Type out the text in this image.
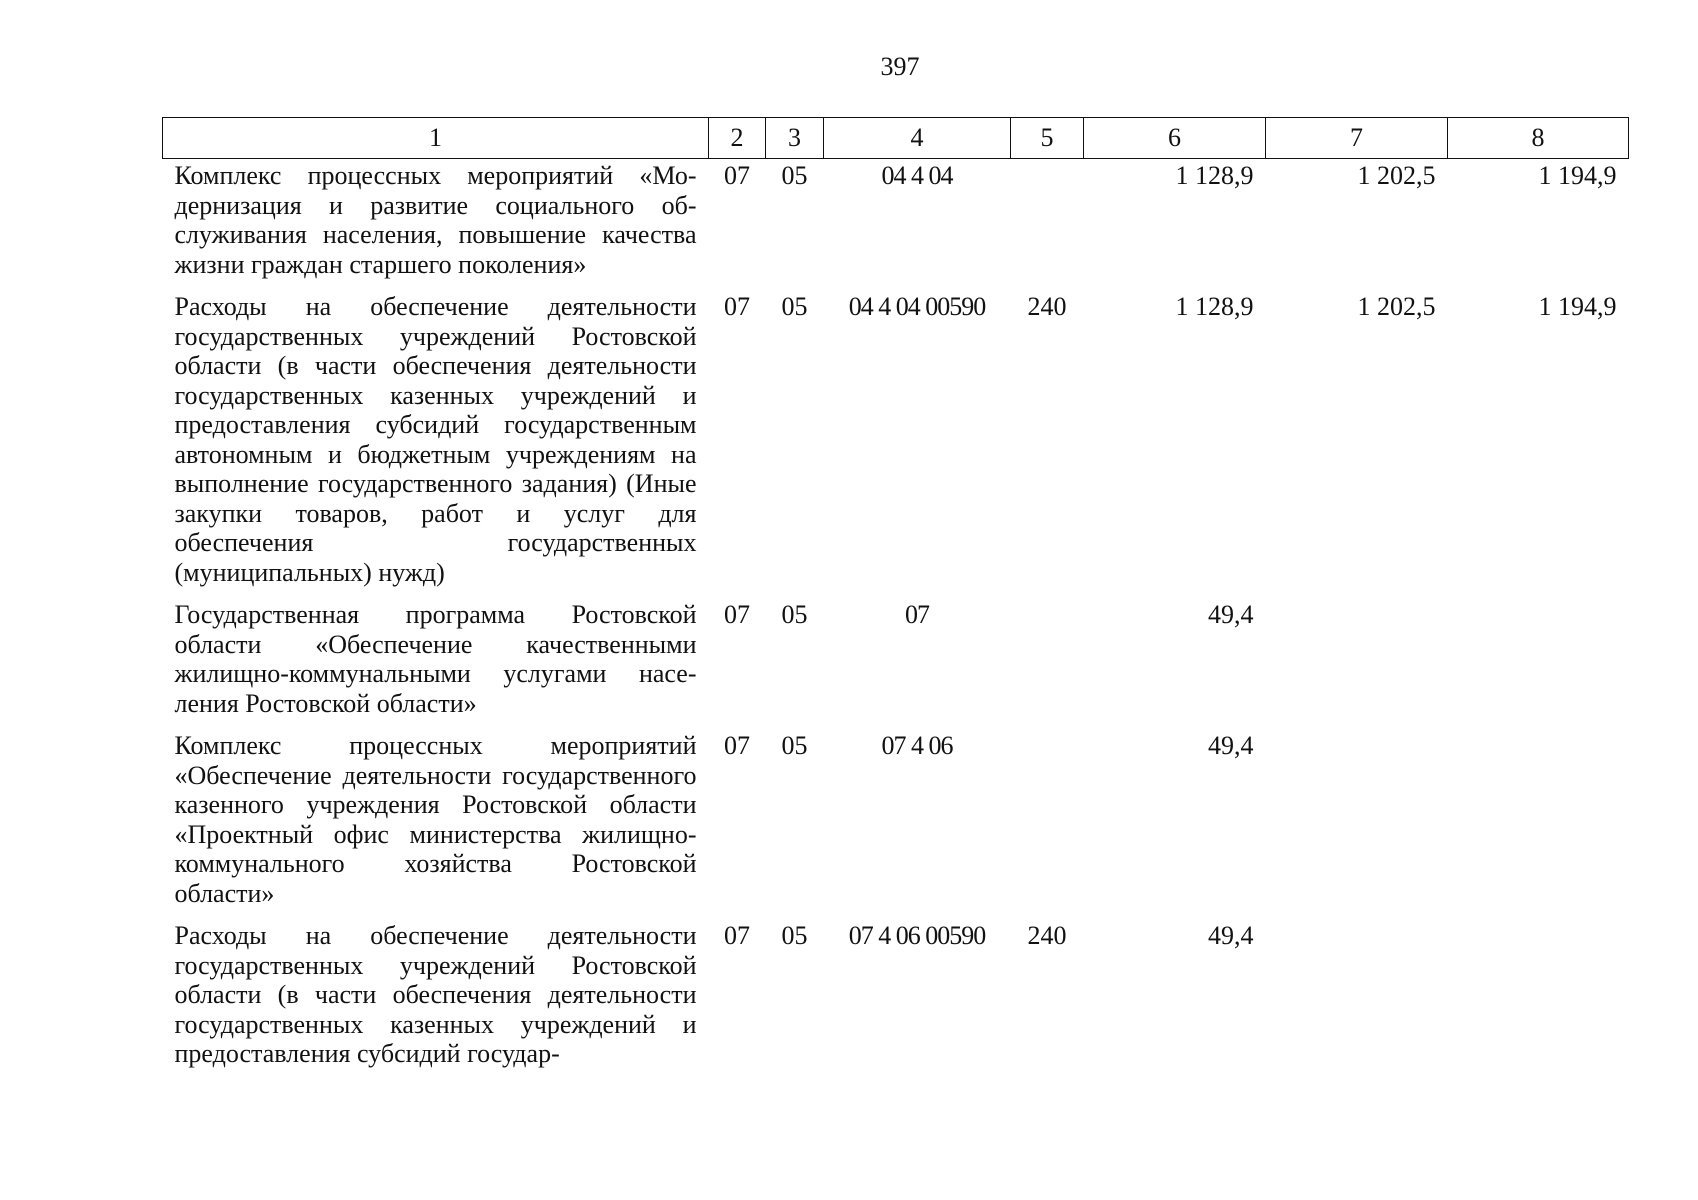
397
1	2	3	4	5	6	7	8
Комплекс процессных мероприятий «Модернизация и развитие социального обслуживания населения, повышение качества жизни граждан старшего поколения»	07	05	04 4 04		1 128,9	1 202,5	1 194,9
Расходы на обеспечение деятельности государственных учреждений Ростовской области (в части обеспечения деятельности государственных казенных учреждений и предоставления субсидий государственным автономным и бюджетным учреждениям на выполнение государственного задания) (Иные закупки товаров, работ и услуг для обеспечения государственных (муниципальных) нужд)	07	05	04 4 04 00590	240	1 128,9	1 202,5	1 194,9
Государственная программа Ростовской области «Обеспечение качественными жилищно-коммунальными услугами населения Ростовской области»	07	05	07		49,4		
Комплекс процессных мероприятий «Обеспечение деятельности государственного казенного учреждения Ростовской области «Проектный офис министерства жилищно-коммунального хозяйства Ростовской области»	07	05	07 4 06		49,4		
Расходы на обеспечение деятельности государственных учреждений Ростовской области (в части обеспечения деятельности государственных казенных учреждений и предоставления субсидий государ-	07	05	07 4 06 00590	240	49,4		
